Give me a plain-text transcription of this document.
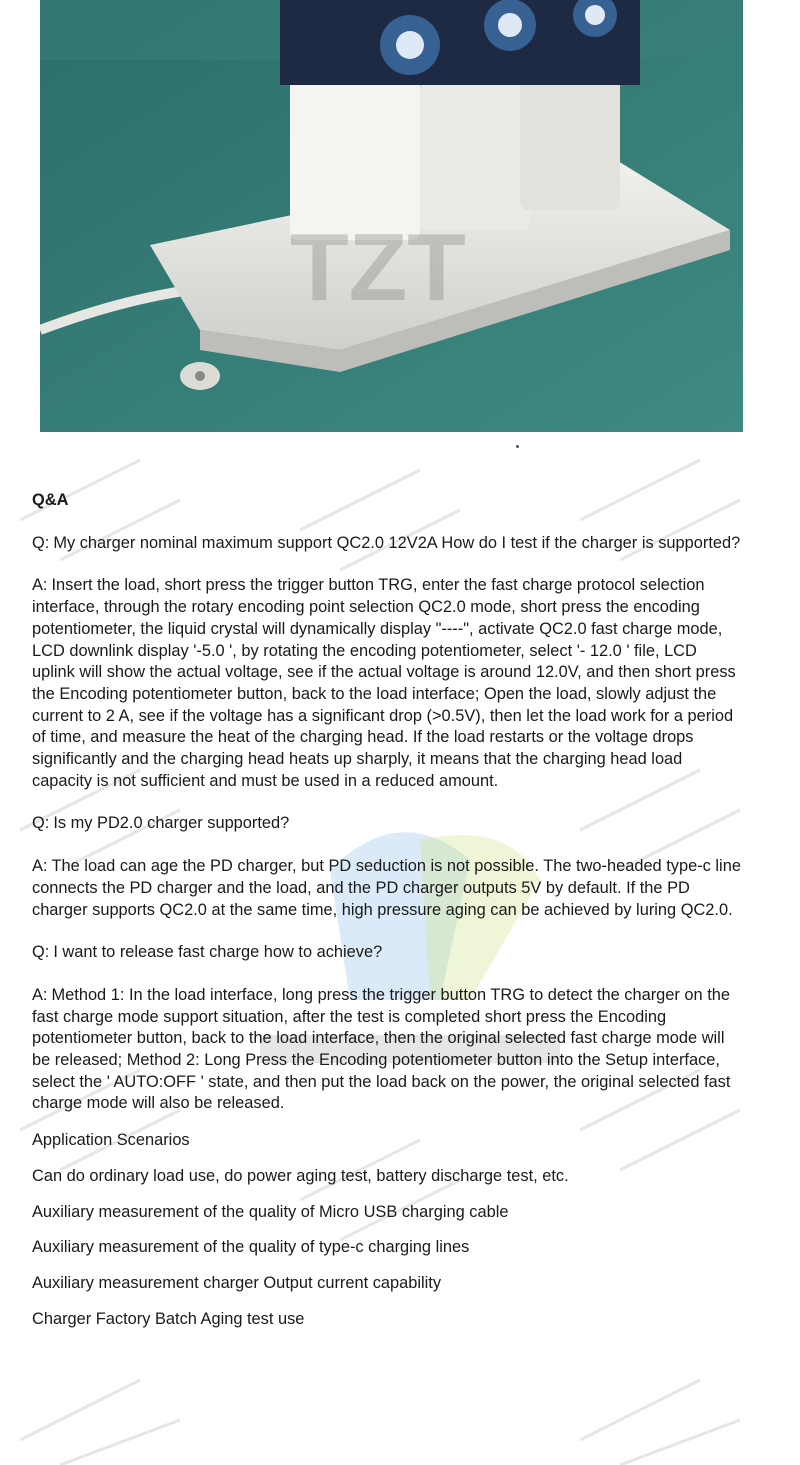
TZT
Q&A
Q: My charger nominal maximum support QC2.0 12V2A How do I test if the charger is supported?
A: Insert the load, short press the trigger button TRG, enter the fast charge protocol selection interface, through the rotary encoding point selection QC2.0 mode, short press the encoding potentiometer, the liquid crystal will dynamically display "----", activate QC2.0 fast charge mode, LCD downlink display '-5.0 ', by rotating the encoding potentiometer, select '- 12.0 ' file, LCD uplink will show the actual voltage, see if the actual voltage is around 12.0V, and then short press the Encoding potentiometer button, back to the load interface; Open the load, slowly adjust the current to 2 A, see if the voltage has a significant drop (>0.5V), then let the load work for a period of time, and measure the heat of the charging head. If the load restarts or the voltage drops significantly and the charging head heats up sharply, it means that the charging head load capacity is not sufficient and must be used in a reduced amount.
Q: Is my PD2.0 charger supported?
A: The load can age the PD charger, but PD seduction is not possible. The two-headed type-c line connects the PD charger and the load, and the PD charger outputs 5V by default. If the PD charger supports QC2.0 at the same time, high pressure aging can be achieved by luring QC2.0.
Q: I want to release fast charge how to achieve?
A: Method 1: In the load interface, long press the trigger button TRG to detect the charger on the fast charge mode support situation, after the test is completed short press the Encoding potentiometer button, back to the load interface, then the original selected fast charge mode will be released; Method 2: Long Press the Encoding potentiometer button into the Setup interface, select the ' AUTO:OFF ' state, and then put the load back on the power, the original selected fast charge mode will also be released.
Application Scenarios
Can do ordinary load use, do power aging test, battery discharge test, etc.
Auxiliary measurement of the quality of Micro USB charging cable
Auxiliary measurement of the quality of type-c charging lines
Auxiliary measurement charger Output current capability
Charger Factory Batch Aging test use
